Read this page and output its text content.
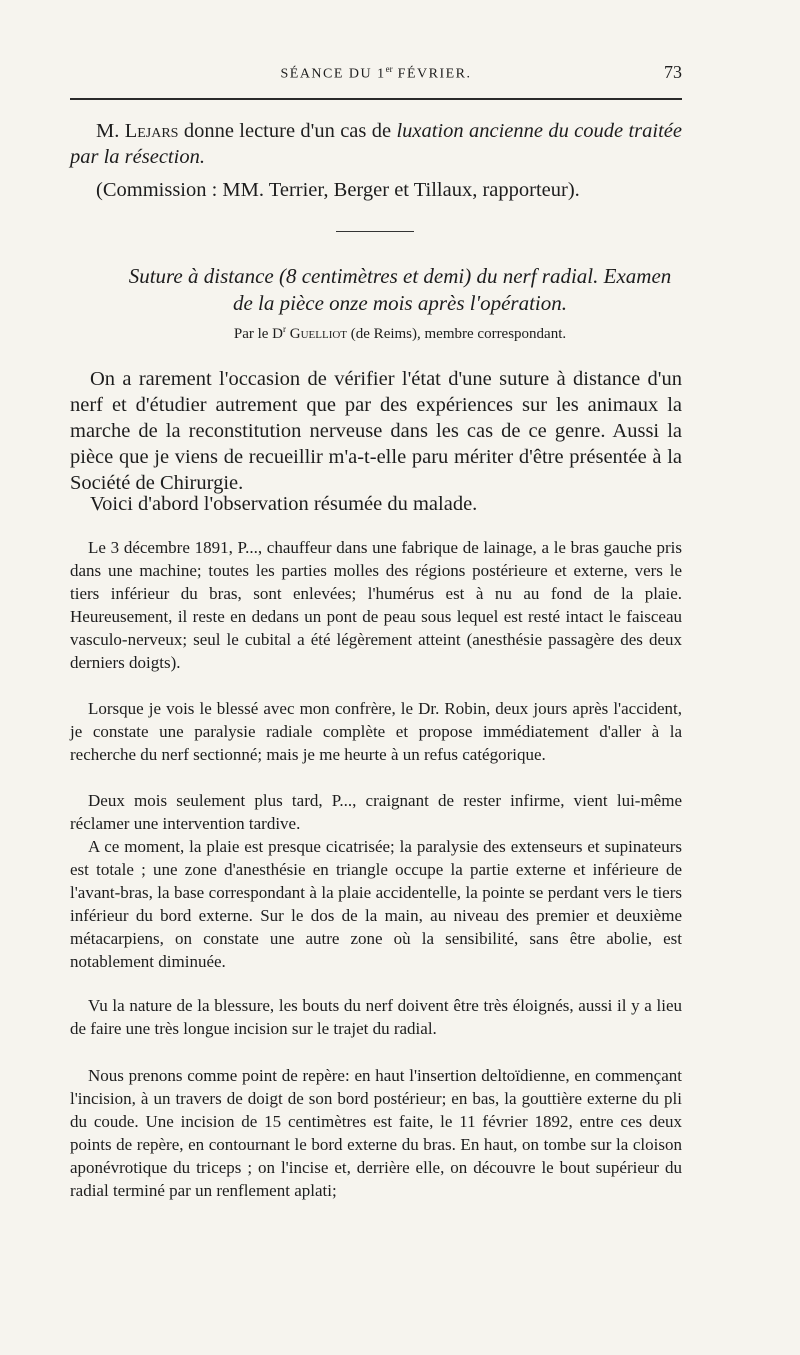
SÉANCE DU 1er FÉVRIER.	73

M. Lejars donne lecture d'un cas de luxation ancienne du coude traitée par la résection.

(Commission : MM. Terrier, Berger et Tillaux, rapporteur).

Suture à distance (8 centimètres et demi) du nerf radial. Examen

de la pièce onze mois après l'opération.

Par le $D^r$ Guelliot (de Reims), membre correspondant.

On a rarement l'occasion de vérifier l'état d'une suture à distance d'un nerf et d'étudier autrement que par des expériences sur les animaux la marche de la reconstitution nerveuse dans les cas de ce genre. Aussi la pièce que je viens de recueillir m'a-t-elle paru mériter d'être présentée à la Société de Chirurgie.

Voici d'abord l'observation résumée du malade.

Le 3 décembre 1891, P..., chauffeur dans une fabrique de lainage, a le bras gauche pris dans une machine; toutes les parties molles des régions postérieure et externe, vers le tiers inférieur du bras, sont enlevées; l'humérus est à nu au fond de la plaie. Heureusement, il reste en dedans un pont de peau sous lequel est resté intact le faisceau vasculo-nerveux; seul le cubital a été légèrement atteint (anesthésie passagère des deux derniers doigts).

Lorsque je vois le blessé avec mon confrère, le Dr. Robin, deux jours après l'accident, je constate une paralysie radiale complète et propose immédiatement d'aller à la recherche du nerf sectionné; mais je me heurte à un refus catégorique.

Deux mois seulement plus tard, P..., craignant de rester infirme, vient lui-même réclamer une intervention tardive.

A ce moment, la plaie est presque cicatrisée; la paralysie des extenseurs et supinateurs est totale ; une zone d'anesthésie en triangle occupe la partie externe et inférieure de l'avant-bras, la base correspondant à la plaie accidentelle, la pointe se perdant vers le tiers inférieur du bord externe. Sur le dos de la main, au niveau des premier et deuxième métacarpiens, on constate une autre zone où la sensibilité, sans être abolie, est notablement diminuée.

Vu la nature de la blessure, les bouts du nerf doivent être très éloignés, aussi il y a lieu de faire une très longue incision sur le trajet du radial.

Nous prenons comme point de repère: en haut l'insertion deltoïdienne, en commençant l'incision, à un travers de doigt de son bord postérieur; en bas, la gouttière externe du pli du coude. Une incision de 15 centimètres est faite, le 11 février 1892, entre ces deux points de repère, en contournant le bord externe du bras. En haut, on tombe sur la cloison aponévrotique du triceps ; on l'incise et, derrière elle, on découvre le bout supérieur du radial terminé par un renflement aplati;
